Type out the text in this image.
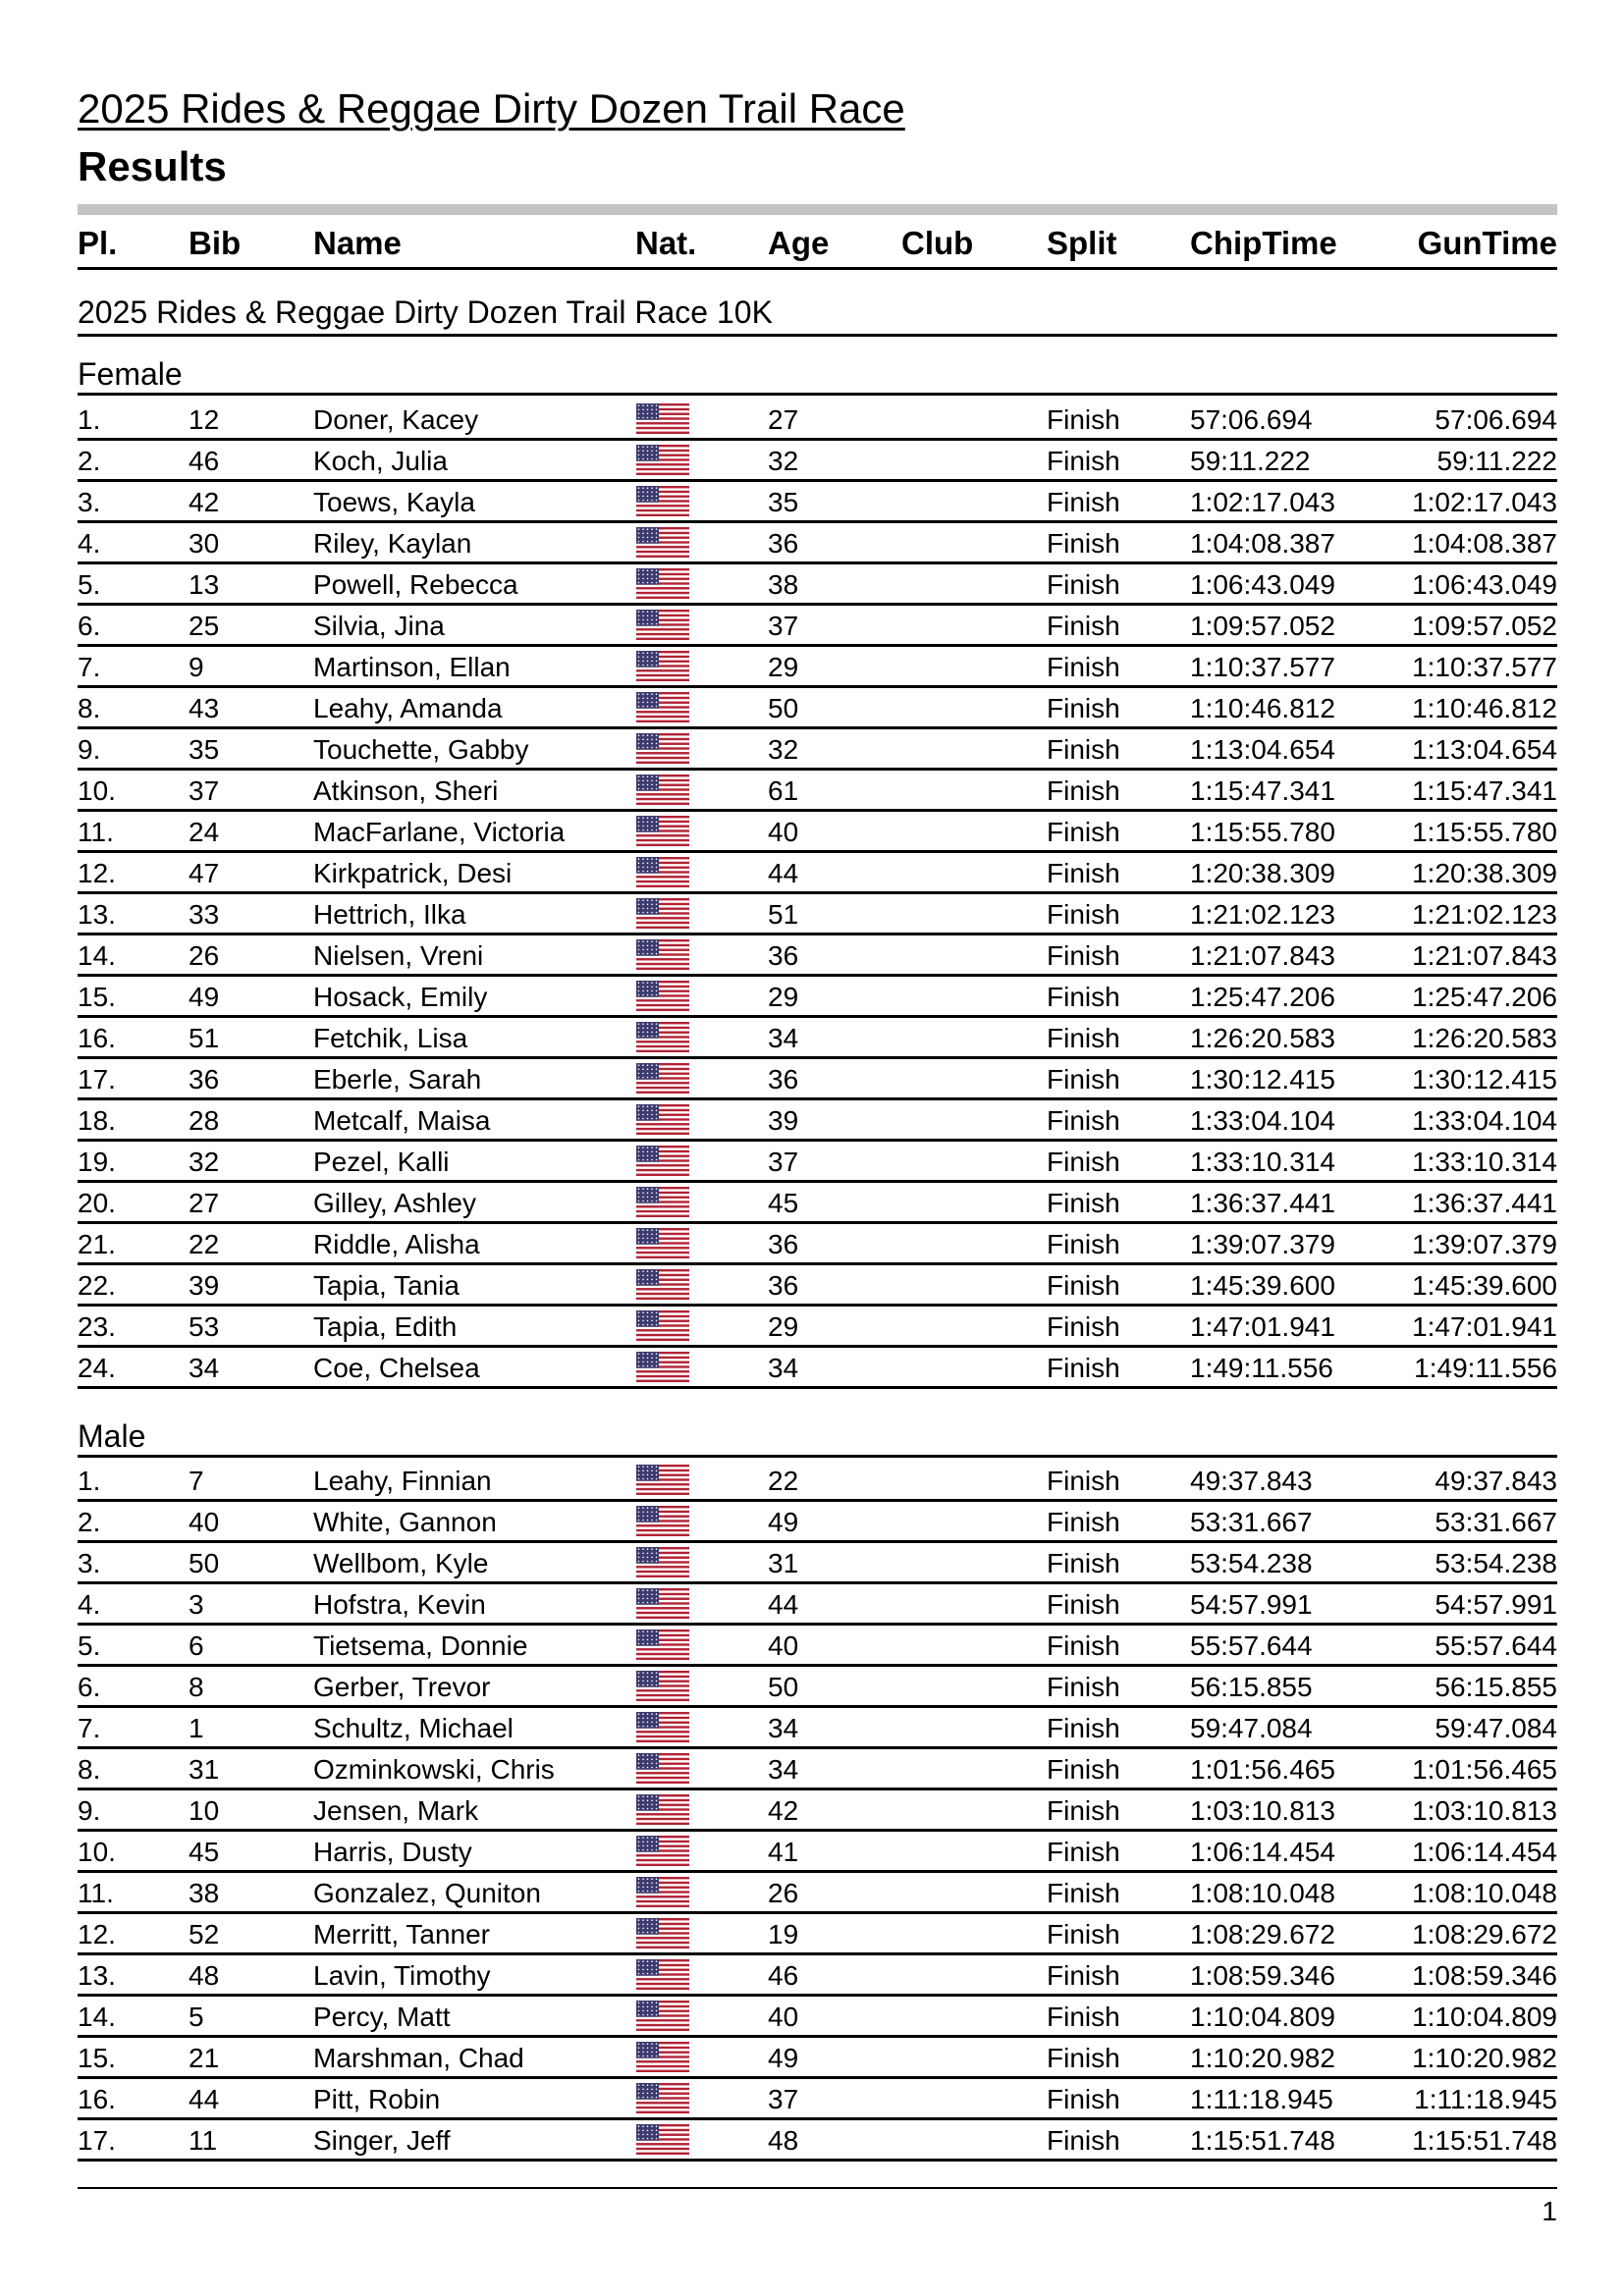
2025 Rides & Reggae Dirty Dozen Trail Race
Results
Pl. Bib Name	Nat. Age Club Split ChipTime GunTime
2025 Rides & Reggae Dirty Dozen Trail Race 10K
Female
1.	12	Doner, Kacey	27	Finish	57:06.694	57:06.694
2.	46	Koch, Julia	32	Finish	59:11.222	59:11.222
3.	42	Toews, Kayla	35	Finish	1:02:17.043	1:02:17.043
4.	30	Riley, Kaylan	36	Finish	1:04:08.387	1:04:08.387
5.	13	Powell, Rebecca	38	Finish	1:06:43.049	1:06:43.049
6.	25	Silvia, Jina	37	Finish	1:09:57.052	1:09:57.052
7.	9	Martinson, Ellan	29	Finish	1:10:37.577	1:10:37.577
8.	43	Leahy, Amanda	50	Finish	1:10:46.812	1:10:46.812
9.	35	Touchette, Gabby	32	Finish	1:13:04.654	1:13:04.654
10.	37	Atkinson, Sheri	61	Finish	1:15:47.341	1:15:47.341
11.	24	MacFarlane, Victoria	40	Finish	1:15:55.780	1:15:55.780
12.	47	Kirkpatrick, Desi	44	Finish	1:20:38.309	1:20:38.309
13.	33	Hettrich, Ilka	51	Finish	1:21:02.123	1:21:02.123
14.	26	Nielsen, Vreni	36	Finish	1:21:07.843	1:21:07.843
15.	49	Hosack, Emily	29	Finish	1:25:47.206	1:25:47.206
16.	51	Fetchik, Lisa	34	Finish	1:26:20.583	1:26:20.583
17.	36	Eberle, Sarah	36	Finish	1:30:12.415	1:30:12.415
18.	28	Metcalf, Maisa	39	Finish	1:33:04.104	1:33:04.104
19.	32	Pezel, Kalli	37	Finish	1:33:10.314	1:33:10.314
20.	27	Gilley, Ashley	45	Finish	1:36:37.441	1:36:37.441
21.	22	Riddle, Alisha	36	Finish	1:39:07.379	1:39:07.379
22.	39	Tapia, Tania	36	Finish	1:45:39.600	1:45:39.600
23.	53	Tapia, Edith	29	Finish	1:47:01.941	1:47:01.941
24.	34	Coe, Chelsea	34	Finish	1:49:11.556	1:49:11.556
Male
1.	7	Leahy, Finnian	22	Finish	49:37.843	49:37.843
2.	40	White, Gannon	49	Finish	53:31.667	53:31.667
3.	50	Wellbom, Kyle	31	Finish	53:54.238	53:54.238
4.	3	Hofstra, Kevin	44	Finish	54:57.991	54:57.991
5.	6	Tietsema, Donnie	40	Finish	55:57.644	55:57.644
6.	8	Gerber, Trevor	50	Finish	56:15.855	56:15.855
7.	1	Schultz, Michael	34	Finish	59:47.084	59:47.084
8.	31	Ozminkowski, Chris	34	Finish	1:01:56.465	1:01:56.465
9.	10	Jensen, Mark	42	Finish	1:03:10.813	1:03:10.813
10.	45	Harris, Dusty	41	Finish	1:06:14.454	1:06:14.454
11.	38	Gonzalez, Quniton	26	Finish	1:08:10.048	1:08:10.048
12.	52	Merritt, Tanner	19	Finish	1:08:29.672	1:08:29.672
13.	48	Lavin, Timothy	46	Finish	1:08:59.346	1:08:59.346
14.	5	Percy, Matt	40	Finish	1:10:04.809	1:10:04.809
15.	21	Marshman, Chad	49	Finish	1:10:20.982	1:10:20.982
16.	44	Pitt, Robin	37	Finish	1:11:18.945	1:11:18.945
17.	11	Singer, Jeff	48	Finish	1:15:51.748	1:15:51.748
1
